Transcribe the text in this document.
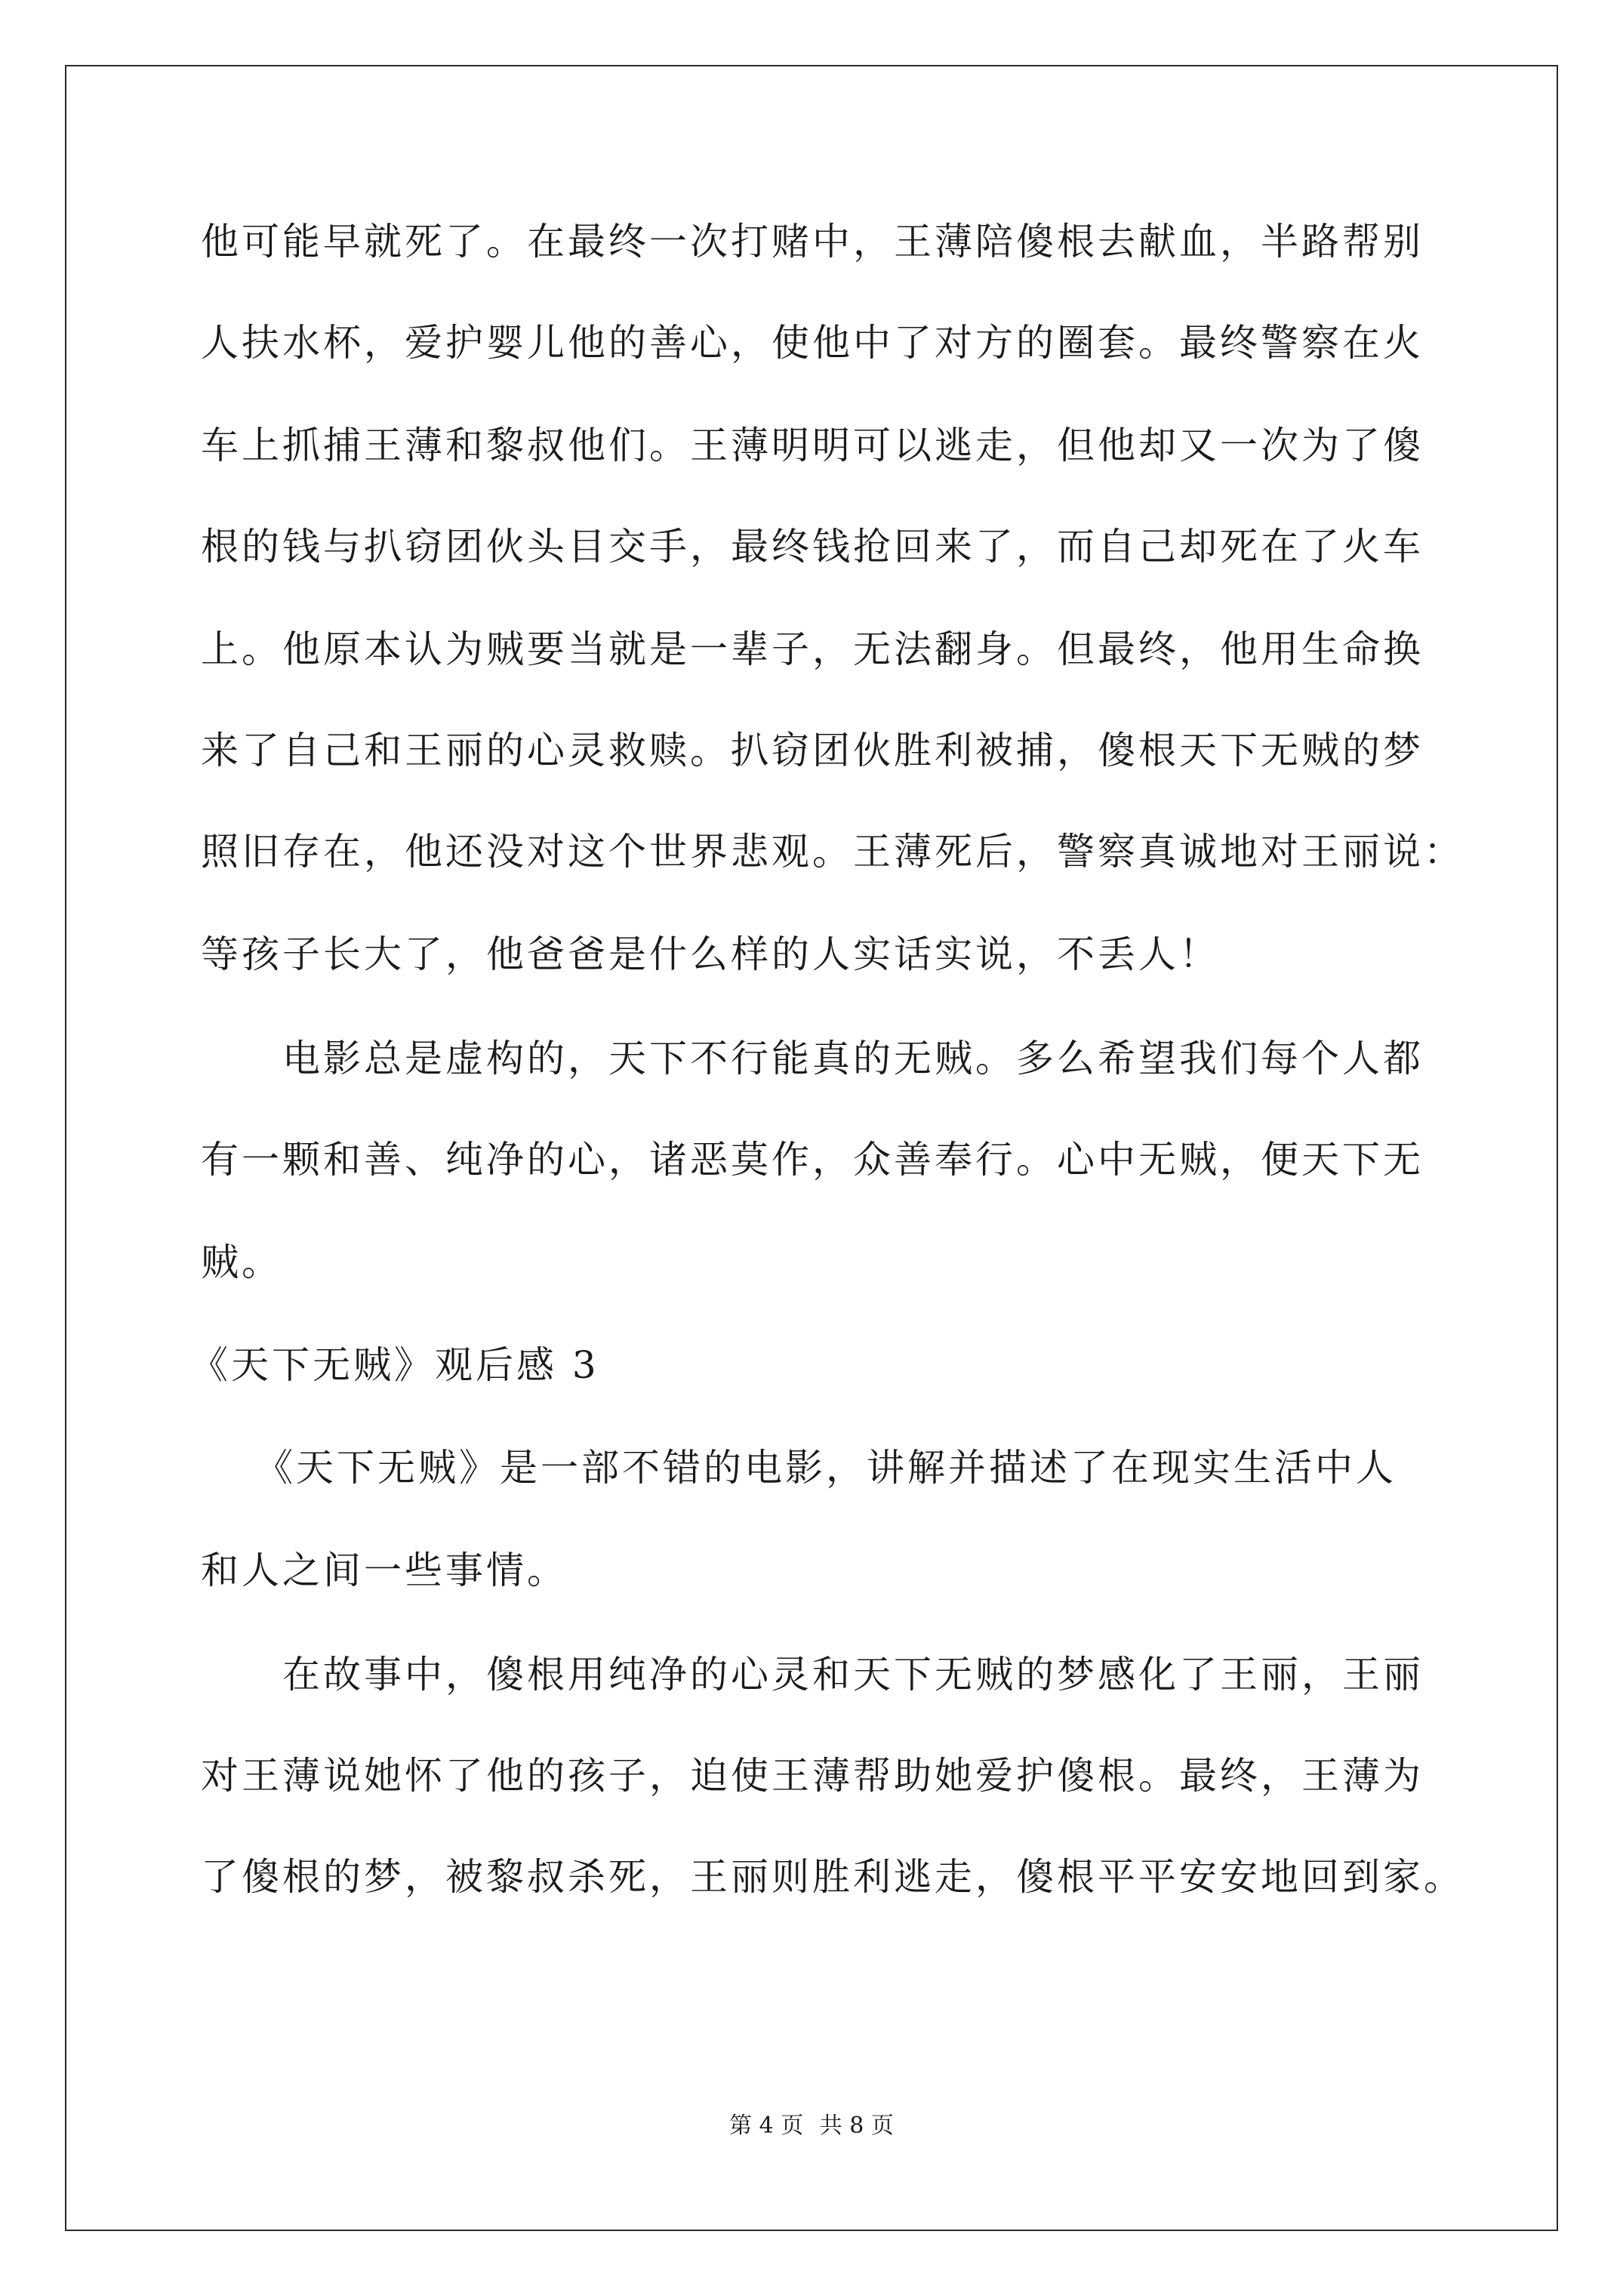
他可能早就死了。在最终一次打赌中，王薄陪傻根去献血，半路帮别
人扶水杯，爱护婴儿他的善心，使他中了对方的圈套。最终警察在火
车上抓捕王薄和黎叔他们。王薄明明可以逃走，但他却又一次为了傻
根的钱与扒窃团伙头目交手，最终钱抢回来了，而自己却死在了火车
上。他原本认为贼要当就是一辈子，无法翻身。但最终，他用生命换
来了自己和王丽的心灵救赎。扒窃团伙胜利被捕，傻根天下无贼的梦
照旧存在，他还没对这个世界悲观。王薄死后，警察真诚地对王丽说：
等孩子长大了，他爸爸是什么样的人实话实说，不丢人！
电影总是虚构的，天下不行能真的无贼。多么希望我们每个人都
有一颗和善、纯净的心，诸恶莫作，众善奉行。心中无贼，便天下无
贼。
《天下无贼》观后感 3
《天下无贼》是一部不错的电影，讲解并描述了在现实生活中人
和人之间一些事情。
在故事中，傻根用纯净的心灵和天下无贼的梦感化了王丽，王丽
对王薄说她怀了他的孩子，迫使王薄帮助她爱护傻根。最终，王薄为
了傻根的梦，被黎叔杀死，王丽则胜利逃走，傻根平平安安地回到家。
第 4 页 共 8 页
